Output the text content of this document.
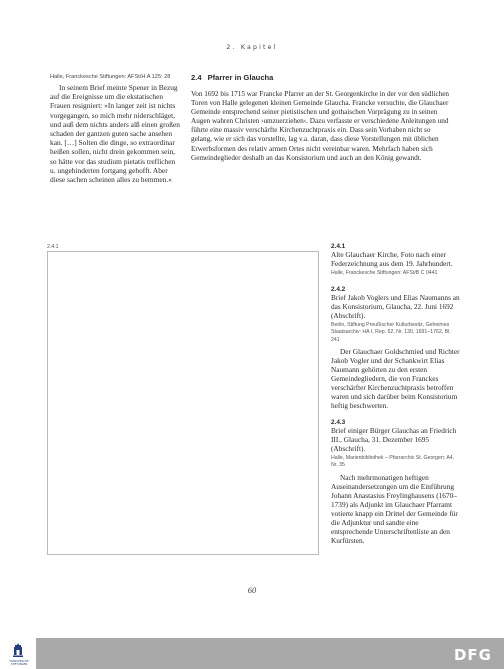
2. Kapitel
Halle, Franckesche Stiftungen: AFSt/H A 125: 28

In seinem Brief meinte Spener in Bezug auf die Ereignisse um die ekstatischen Frauen resigniert: »In langer zeit ist nichts vorgegangen, so mich mehr niderschläget, und auß dem nichts anders alß einen großen schaden der gantzen guten sache ansehen kan. […] Solten die dinge, so extraordinar heißen sollen, nicht drein gekommen sein, so hätte vor das studium pietatis treflichen u. ungehinderten fortgang gehofft. Aber diese sachen scheinen alles zu hemmen.«

2.4 Pfarrer in Glaucha

Von 1692 bis 1715 war Francke Pfarrer an der St. Georgenkirche in der vor den südlichen Toren von Halle gelegenen kleinen Gemeinde Glaucha. Francke versuchte, die Glauchaer Gemeinde entsprechend seiner pietistischen und gothaischen Vorprägung zu in seinen Augen wahren Christen ›umzuerziehen‹. Dazu verfasste er verschiedene Anleitungen und führte eine massiv verschärfte Kirchenzuchtpraxis ein. Dass sein Vorhaben nicht so gelang, wie er sich das vorstellte, lag v.a. daran, dass diese Vorstellungen mit üblichen Erwerbsformen des relativ armen Ortes nicht vereinbar waren. Mehrfach haben sich Gemeindeglieder deshalb an das Konsistorium und auch an den König gewandt.

2.4.1	2.4.1

Alte Glauchaer Kirche, Foto nach einer Federzeichnung aus dem 19. Jahrhundert.

Halle, Franckesche Stiftungen: AFSt/B C 0441
2.4.2

Brief Jakob Voglers und Elias Naumanns an das Konsistorium, Glaucha, 22. Juni 1692 (Abschrift).

Berlin, Stiftung Preußischer Kulturbesitz, Geheimes Staatsarchiv: HA I, Rep. 52, Nr. 130, 1691–1762, Bl. 241

Der Glauchaer Goldschmied und Richter Jakob Vogler und der Schankwirt Elias Naumann gehörten zu den ersten Gemeindegliedern, die von Franckes verschärfter Kirchenzuchtpraxis betroffen waren und sich darüber beim Konsistorium heftig beschwerten.

2.4.3

Brief einiger Bürger Glauchas an Friedrich III., Glaucha, 31. Dezember 1695 (Abschrift).

Halle, Marienbibliothek – Pfarrarchiv St. Georgen: A4, Nr. 35

Nach mehrmonatigen heftigen Auseinandersetzungen um die Einführung Johann Anastasius Freylinghausens (1670–1739) als Adjunkt im Glauchaer Pfarramt votierte knapp ein Drittel der Gemeinde für die Adjunktur und sandte eine entsprechende Unterschriftenliste an den Kurfürsten.

60
FRANCKESCHE STIFTUNGEN
DFG
